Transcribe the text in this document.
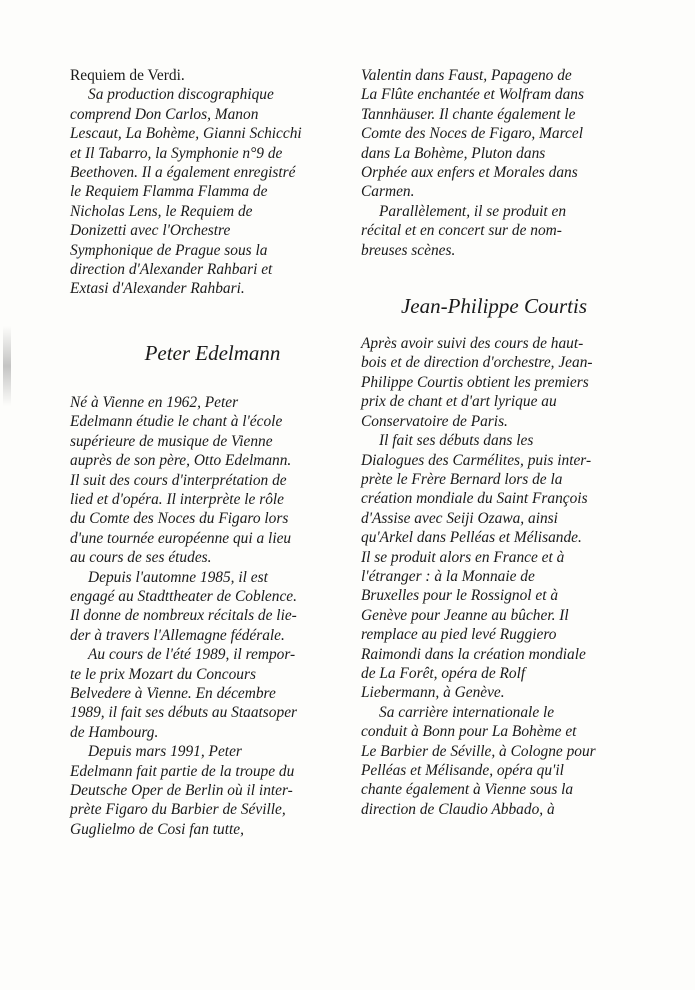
Requiem de Verdi.

Sa production discographique
comprend Don Carlos, Manon
Lescaut, La Bohème, Gianni Schicchi
et Il Tabarro, la Symphonie n°9 de
Beethoven. Il a également enregistré
le Requiem Flamma Flamma de
Nicholas Lens, le Requiem de
Donizetti avec l'Orchestre
Symphonique de Prague sous la
direction d'Alexander Rahbari et
Extasi d'Alexander Rahbari.

Peter Edelmann

Né à Vienne en 1962, Peter
Edelmann étudie le chant à l'école
supérieure de musique de Vienne
auprès de son père, Otto Edelmann.
Il suit des cours d'interprétation de
lied et d'opéra. Il interprète le rôle
du Comte des Noces du Figaro lors
d'une tournée européenne qui a lieu
au cours de ses études.

Depuis l'automne 1985, il est
engagé au Stadttheater de Coblence.
Il donne de nombreux récitals de lie-
der à travers l'Allemagne fédérale.

Au cours de l'été 1989, il rempor-
te le prix Mozart du Concours
Belvedere à Vienne. En décembre
1989, il fait ses débuts au Staatsoper
de Hambourg.

Depuis mars 1991, Peter
Edelmann fait partie de la troupe du
Deutsche Oper de Berlin où il inter-
prète Figaro du Barbier de Séville,
Guglielmo de Cosi fan tutte,

Valentin dans Faust, Papageno de
La Flûte enchantée et Wolfram dans
Tannhäuser. Il chante également le
Comte des Noces de Figaro, Marcel
dans La Bohème, Pluton dans
Orphée aux enfers et Morales dans
Carmen.

Parallèlement, il se produit en
récital et en concert sur de nom-
breuses scènes.

Jean-Philippe Courtis

Après avoir suivi des cours de haut-
bois et de direction d'orchestre, Jean-
Philippe Courtis obtient les premiers
prix de chant et d'art lyrique au
Conservatoire de Paris.

Il fait ses débuts dans les
Dialogues des Carmélites, puis inter-
prète le Frère Bernard lors de la
création mondiale du Saint François
d'Assise avec Seiji Ozawa, ainsi
qu'Arkel dans Pelléas et Mélisande.
Il se produit alors en France et à
l'étranger : à la Monnaie de
Bruxelles pour le Rossignol et à
Genève pour Jeanne au bûcher. Il
remplace au pied levé Ruggiero
Raimondi dans la création mondiale
de La Forêt, opéra de Rolf
Liebermann, à Genève.

Sa carrière internationale le
conduit à Bonn pour La Bohème et
Le Barbier de Séville, à Cologne pour
Pelléas et Mélisande, opéra qu'il
chante également à Vienne sous la
direction de Claudio Abbado, à
